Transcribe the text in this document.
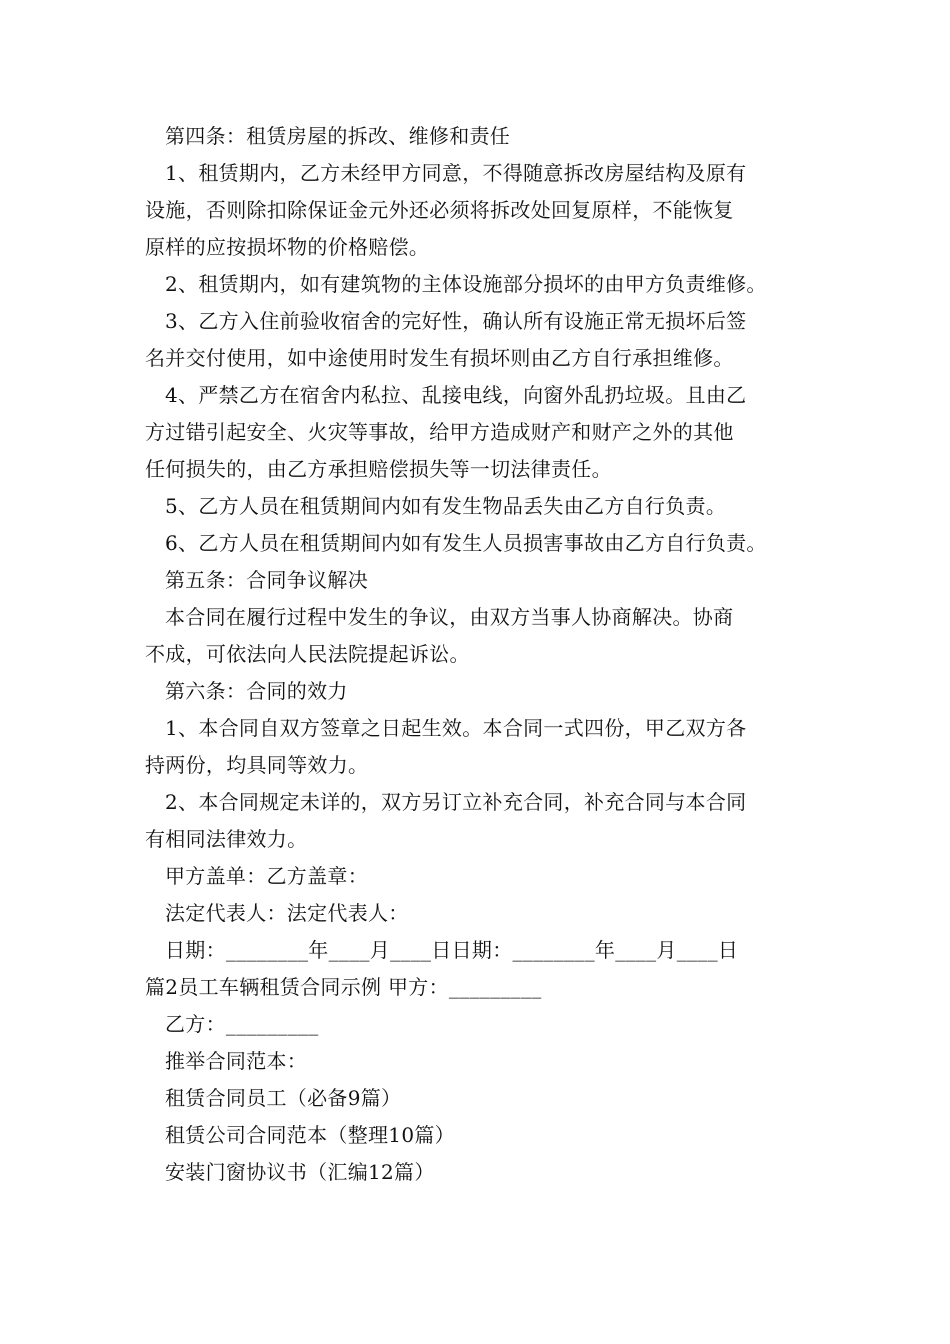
第四条：租赁房屋的拆改、维修和责任
1、租赁期内，乙方未经甲方同意，不得随意拆改房屋结构及原有
设施，否则除扣除保证金元外还必须将拆改处回复原样，不能恢复
原样的应按损坏物的价格赔偿。
2、租赁期内，如有建筑物的主体设施部分损坏的由甲方负责维修。
3、乙方入住前验收宿舍的完好性，确认所有设施正常无损坏后签
名并交付使用，如中途使用时发生有损坏则由乙方自行承担维修。
4、严禁乙方在宿舍内私拉、乱接电线，向窗外乱扔垃圾。且由乙
方过错引起安全、火灾等事故，给甲方造成财产和财产之外的其他
任何损失的，由乙方承担赔偿损失等一切法律责任。
5、乙方人员在租赁期间内如有发生物品丢失由乙方自行负责。
6、乙方人员在租赁期间内如有发生人员损害事故由乙方自行负责。
第五条：合同争议解决
本合同在履行过程中发生的争议，由双方当事人协商解决。协商
不成，可依法向人民法院提起诉讼。
第六条：合同的效力
1、本合同自双方签章之日起生效。本合同一式四份，甲乙双方各
持两份，均具同等效力。
2、本合同规定未详的，双方另订立补充合同，补充合同与本合同
有相同法律效力。
甲方盖单：乙方盖章：
法定代表人：法定代表人：
日期：________年____月____日日期：________年____月____日
篇2员工车辆租赁合同示例 甲方：_________
乙方：_________
推举合同范本：
租赁合同员工（必备9篇）
租赁公司合同范本（整理10篇）
安装门窗协议书（汇编12篇）
